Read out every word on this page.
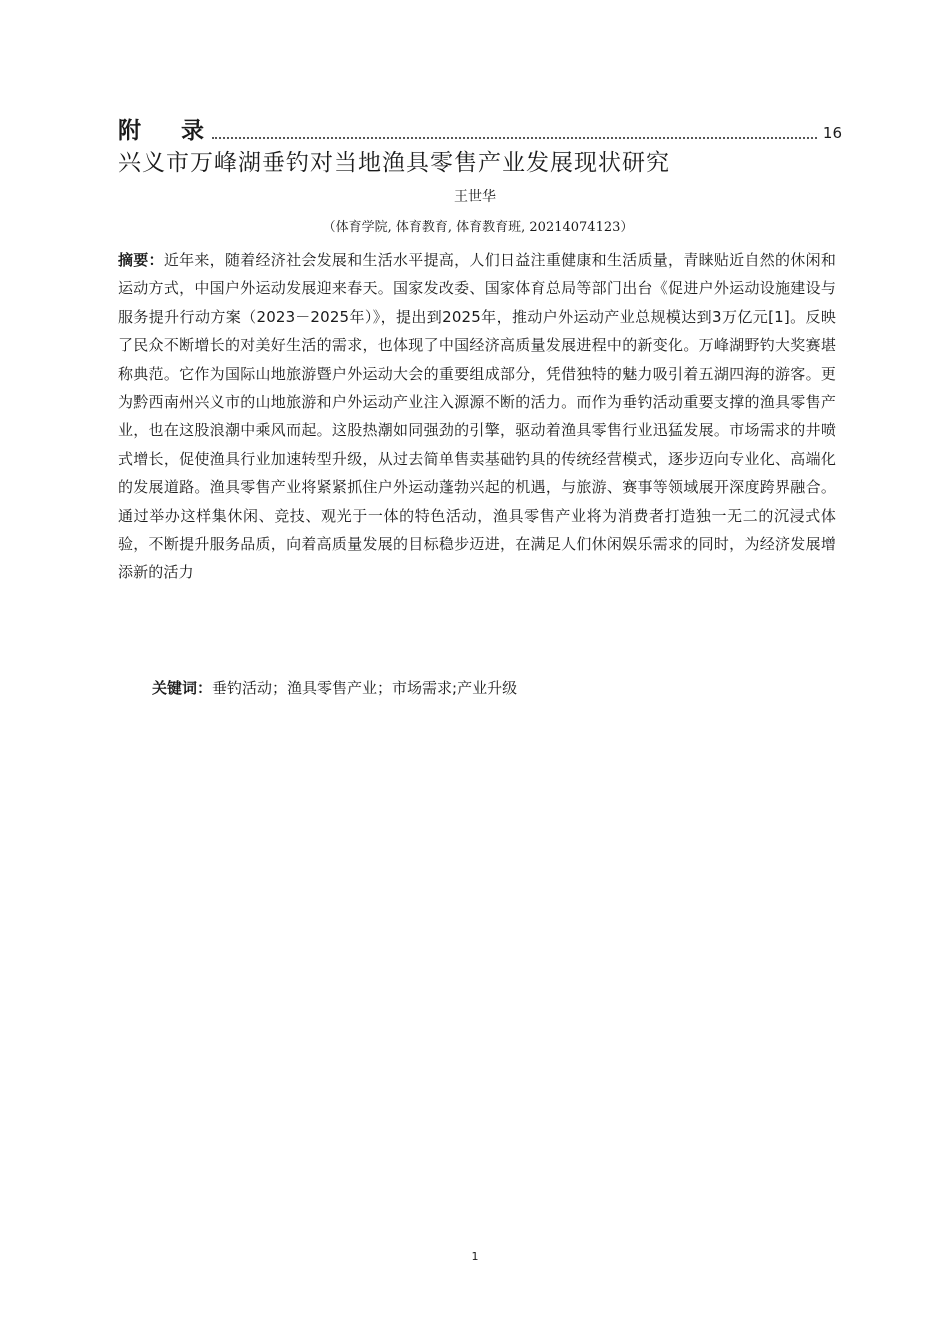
附  录	16
兴义市万峰湖垂钓对当地渔具零售产业发展现状研究
王世华
（体育学院, 体育教育, 体育教育班, 20214074123）
摘要：近年来，随着经济社会发展和生活水平提高，人们日益注重健康和生活质量，青睐贴近自然的休闲和运动方式，中国户外运动发展迎来春天。国家发改委、国家体育总局等部门出台《促进户外运动设施建设与服务提升行动方案（2023－2025年）》，提出到2025年，推动户外运动产业总规模达到3万亿元[1]。反映了民众不断增长的对美好生活的需求，也体现了中国经济高质量发展进程中的新变化。万峰湖野钓大奖赛堪称典范。它作为国际山地旅游暨户外运动大会的重要组成部分，凭借独特的魅力吸引着五湖四海的游客。更为黔西南州兴义市的山地旅游和户外运动产业注入源源不断的活力。而作为垂钓活动重要支撑的渔具零售产业，也在这股浪潮中乘风而起。这股热潮如同强劲的引擎，驱动着渔具零售行业迅猛发展。市场需求的井喷式增长，促使渔具行业加速转型升级，从过去简单售卖基础钓具的传统经营模式，逐步迈向专业化、高端化的发展道路。渔具零售产业将紧紧抓住户外运动蓬勃兴起的机遇，与旅游、赛事等领域展开深度跨界融合。通过举办这样集休闲、竞技、观光于一体的特色活动，渔具零售产业将为消费者打造独一无二的沉浸式体验，不断提升服务品质，向着高质量发展的目标稳步迈进，在满足人们休闲娱乐需求的同时，为经济发展增添新的活力
关键词：垂钓活动；渔具零售产业；市场需求;产业升级
1
